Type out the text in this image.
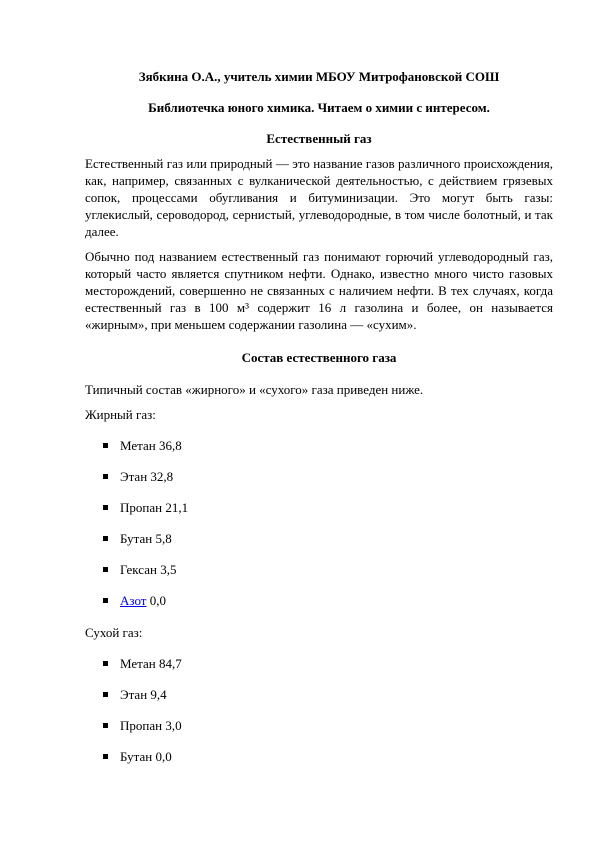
Зябкина О.А., учитель химии МБОУ Митрофановской СОШ
Библиотечка юного химика. Читаем о химии с интересом.
Естественный газ
Естественный газ или природный — это название газов различного происхождения, как, например, связанных с вулканической деятельностью, с действием грязевых сопок, процессами обугливания и битуминизации. Это могут быть газы: углекислый, сероводород, сернистый, углеводородные, в том числе болотный, и так далее.
Обычно под названием естественный газ понимают горючий углеводородный газ, который часто является спутником нефти. Однако, известно много чисто газовых месторождений, совершенно не связанных с наличием нефти. В тех случаях, когда естественный газ в 100 м³ содержит 16 л газолина и более, он называется «жирным», при меньшем содержании газолина — «сухим».
Состав естественного газа
Типичный состав «жирного» и «сухого» газа приведен ниже.
Жирный газ:
Метан 36,8
Этан 32,8
Пропан 21,1
Бутан 5,8
Гексан 3,5
Азот 0,0
Сухой газ:
Метан 84,7
Этан 9,4
Пропан 3,0
Бутан 0,0
